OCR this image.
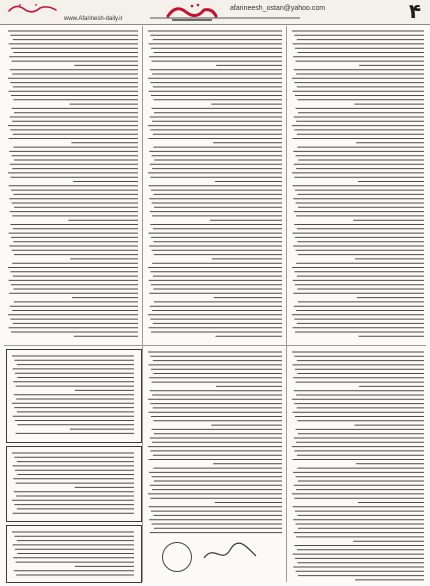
۴
afarineesh_ostan@yahoo.com
www.Afarinesh-daily.ir
